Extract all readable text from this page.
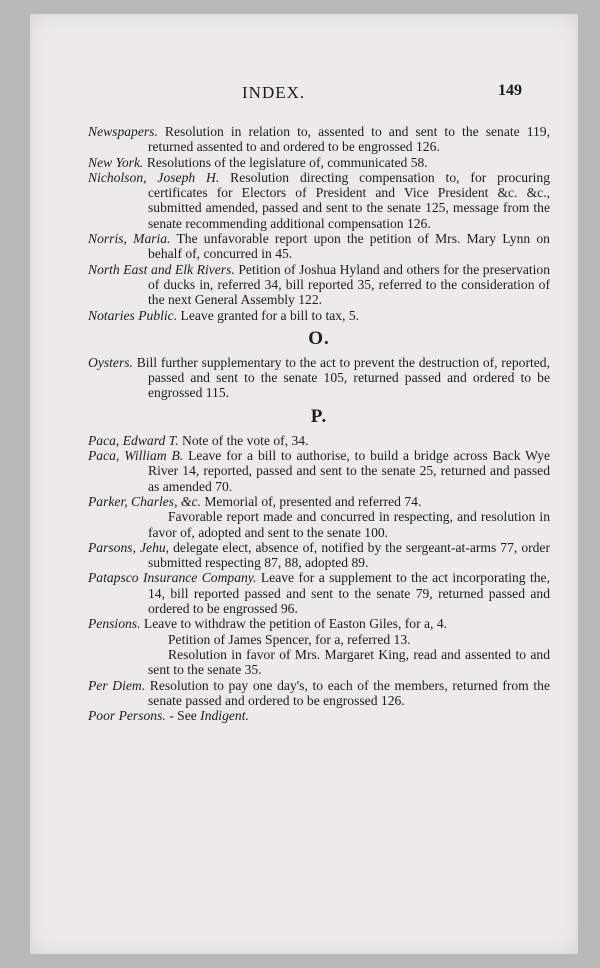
INDEX.	149

Newspapers. Resolution in relation to, assented to and sent to the senate 119, returned assented to and ordered to be engrossed 126.

New York. Resolutions of the legislature of, communicated 58.

Nicholson, Joseph H. Resolution directing compensation to, for procuring certificates for Electors of President and Vice President &c. &c., submitted amended, passed and sent to the senate 125, message from the senate recommending additional compensation 126.

Norris, Maria. The unfavorable report upon the petition of Mrs. Mary Lynn on behalf of, concurred in 45.

North East and Elk Rivers. Petition of Joshua Hyland and others for the preservation of ducks in, referred 34, bill reported 35, referred to the consideration of the next General Assembly 122.

Notaries Public. Leave granted for a bill to tax, 5.

O.

Oysters. Bill further supplementary to the act to prevent the destruction of, reported, passed and sent to the senate 105, returned passed and ordered to be engrossed 115.

P.

Paca, Edward T. Note of the vote of, 34.

Paca, William B. Leave for a bill to authorise, to build a bridge across Back Wye River 14, reported, passed and sent to the senate 25, returned and passed as amended 70.

Parker, Charles, &c. Memorial of, presented and referred 74.

Favorable report made and concurred in respecting, and resolution in favor of, adopted and sent to the senate 100.

Parsons, Jehu, delegate elect, absence of, notified by the sergeant-at-arms 77, order submitted respecting 87, 88, adopted 89.

Patapsco Insurance Company. Leave for a supplement to the act incorporating the, 14, bill reported passed and sent to the senate 79, returned passed and ordered to be engrossed 96.

Pensions. Leave to withdraw the petition of Easton Giles, for a, 4.

Petition of James Spencer, for a, referred 13.

Resolution in favor of Mrs. Margaret King, read and assented to and sent to the senate 35.

Per Diem. Resolution to pay one day's, to each of the members, returned from the senate passed and ordered to be engrossed 126.

Poor Persons. - See Indigent.
